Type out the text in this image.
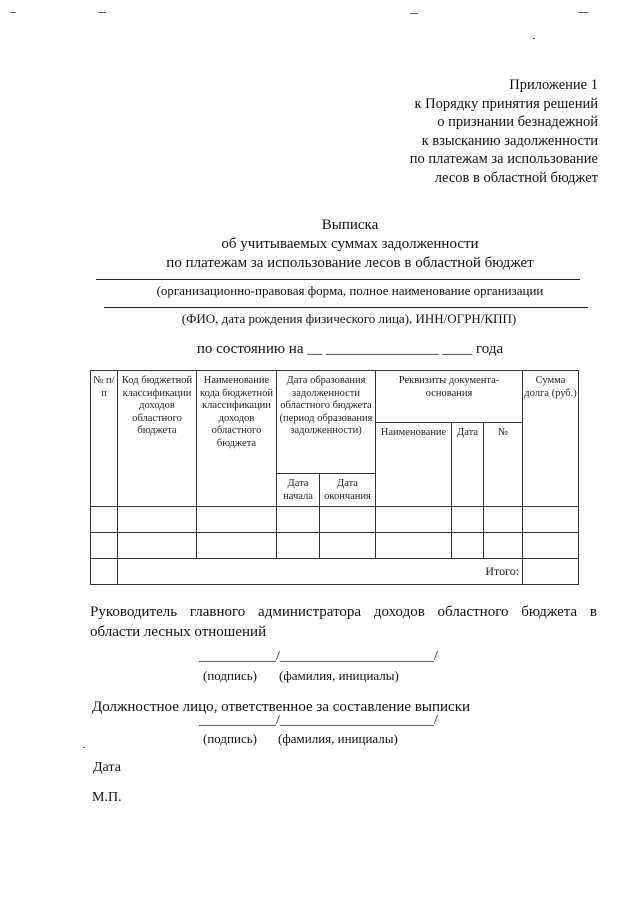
Приложение 1
к Порядку принятия решений
о признании безнадежной
к взысканию задолженности
по платежам за использование
лесов в областной бюджет
Выписка
об учитываемых суммах задолженности
по платежам за использование лесов в областной бюджет
(организационно-правовая форма, полное наименование организации
(ФИО, дата рождения физического лица), ИНН/ОГРН/КПП)
по состоянию на __ _______________ ____ года
№ п/п	Код бюджетной классификации доходов областного бюджета	Наименование кода бюджетной классификации доходов областного бюджета	Дата образования задолженности областного бюджета (период образования задолженности)		Реквизиты документа-основания			Сумма долга (руб.)
					Наименование	Дата	№	
			Дата начала	Дата окончания				

	Итого:							
Руководитель главного администратора доходов областного бюджета в
области лесных отношений
___________/______________________/
(подпись) (фамилия, инициалы)
Должностное лицо, ответственное за составление выписки
___________/______________________/
(подпись) (фамилия, инициалы)
Дата
М.П.
